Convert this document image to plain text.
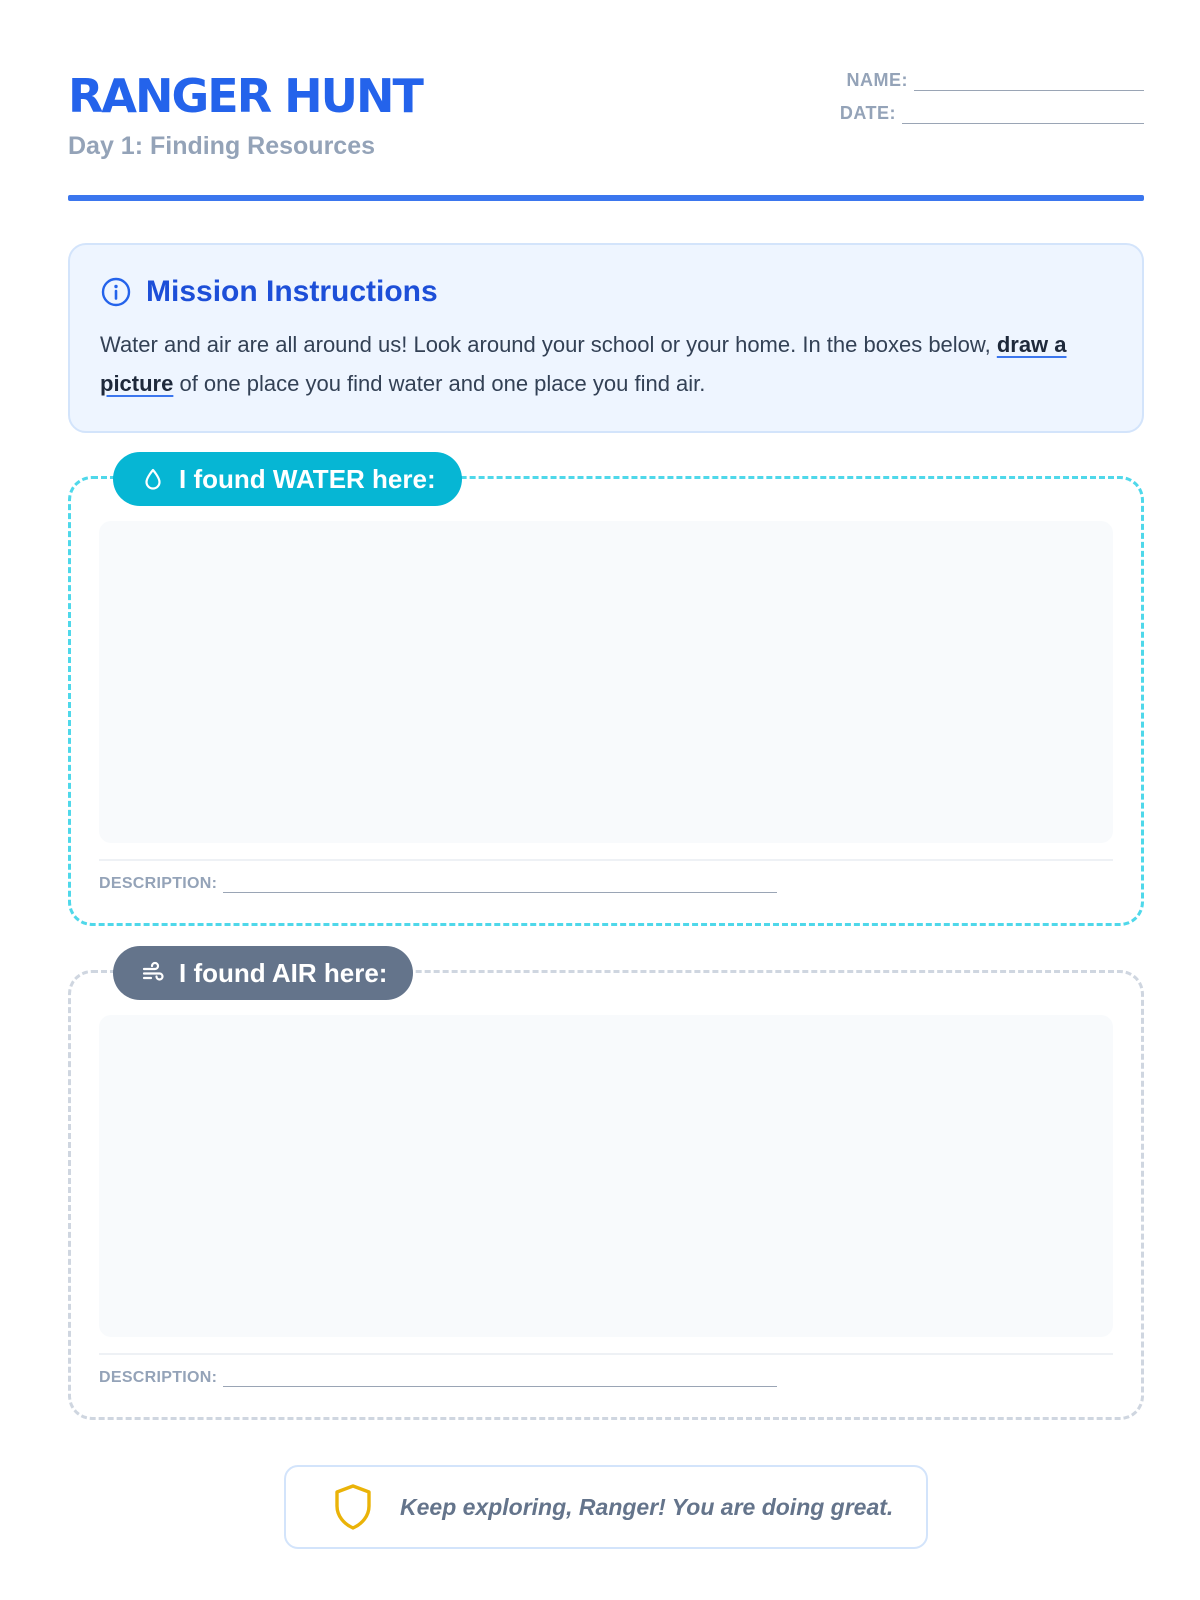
RANGER HUNT
Day 1: Finding Resources
NAME:
DATE:
Mission Instructions

Water and air are all around us! Look around your school or your home. In the boxes below, draw a picture of one place you find water and one place you find air.

I found WATER here:
DESCRIPTION:
I found AIR here:
DESCRIPTION:
Keep exploring, Ranger! You are doing great.
